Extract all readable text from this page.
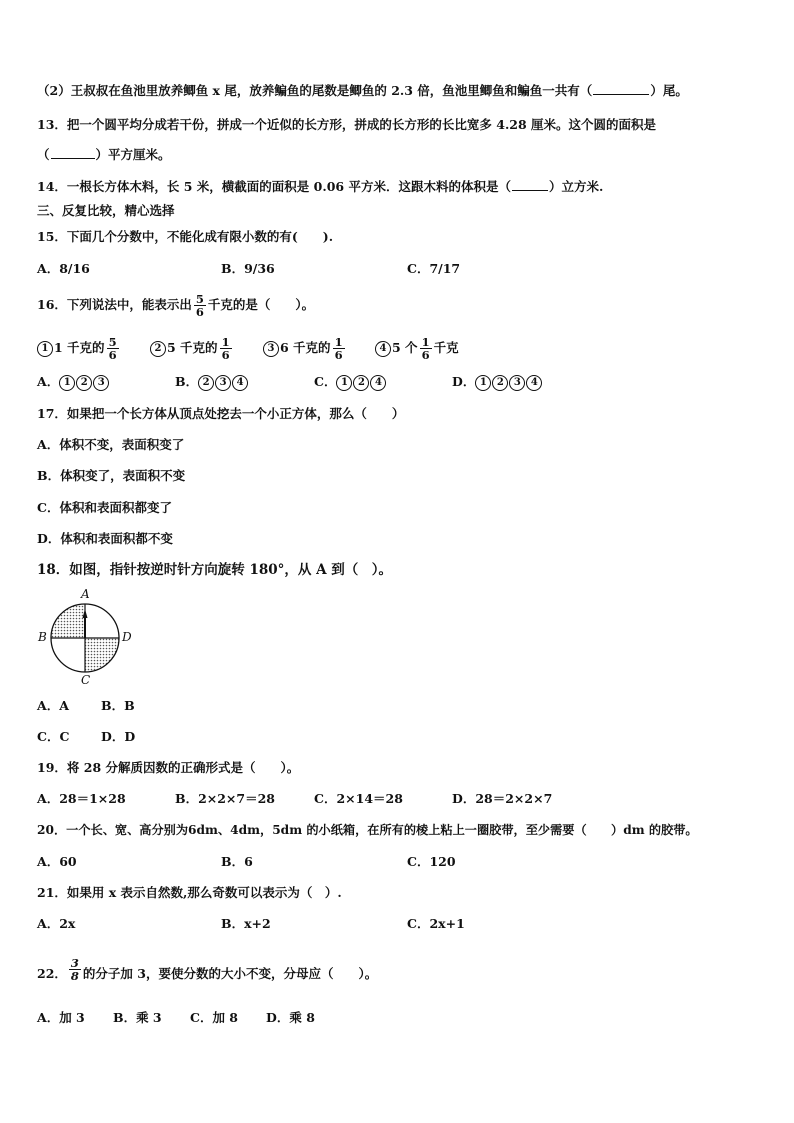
（2）王叔叔在鱼池里放养鲫鱼 x 尾，放养鳊鱼的尾数是鲫鱼的 2.3 倍，鱼池里鲫鱼和鳊鱼一共有（	）尾。
13．把一个圆平均分成若干份，拼成一个近似的长方形，拼成的长方形的长比宽多 4.28 厘米。这个圆的面积是
（	）平方厘米。
14．一根长方体木料，长 5 米，横截面的面积是 0.06 平方米．这跟木料的体积是（	）立方米.
三、反复比较，精心选择
15．下面几个分数中，不能化成有限小数的有(　　).
A．8/16	B．9/36	C．7/17
16．下列说法中，能表示出 $\frac{5}{6}$ 千克的是（　　）。
1 1 千克的 $\frac{5}{6}$	2 5 千克的 $\frac{1}{6}$	3 6 千克的 $\frac{1}{6}$	4 5 个 $\frac{1}{6}$ 千克
A． 1 2 3	B． 2 3 4	C． 1 2 4	D． 1 2 3 4
17．如果把一个长方体从顶点处挖去一个小正方体，那么（　　）
A．体积不变，表面积变了
B．体积变了，表面积不变
C．体积和表面积都变了
D．体积和表面积都不变
18．如图，指针按逆时针方向旋转 180°，从 A 到（　）。
A
B	D
C
A．A	B．B
C．C	D．D
19．将 28 分解质因数的正确形式是（　　）。
A．28＝1×28	B．2×2×7＝28	C．2×14＝28	D．28＝2×2×7
20．一个长、宽、高分别为6dm、4dm，5dm 的小纸箱，在所有的棱上粘上一圈胶带，至少需要（　　）dm 的胶带。
A．60	B．6	C．120
21．如果用 x 表示自然数,那么奇数可以表示为（　）.
A．2x	B．x+2	C．2x+1
22． $\frac{3}{8}$ 的分子加 3，要使分数的大小不变，分母应（　　）。
A．加 3 B．乘 3 C．加 8 D．乘 8
